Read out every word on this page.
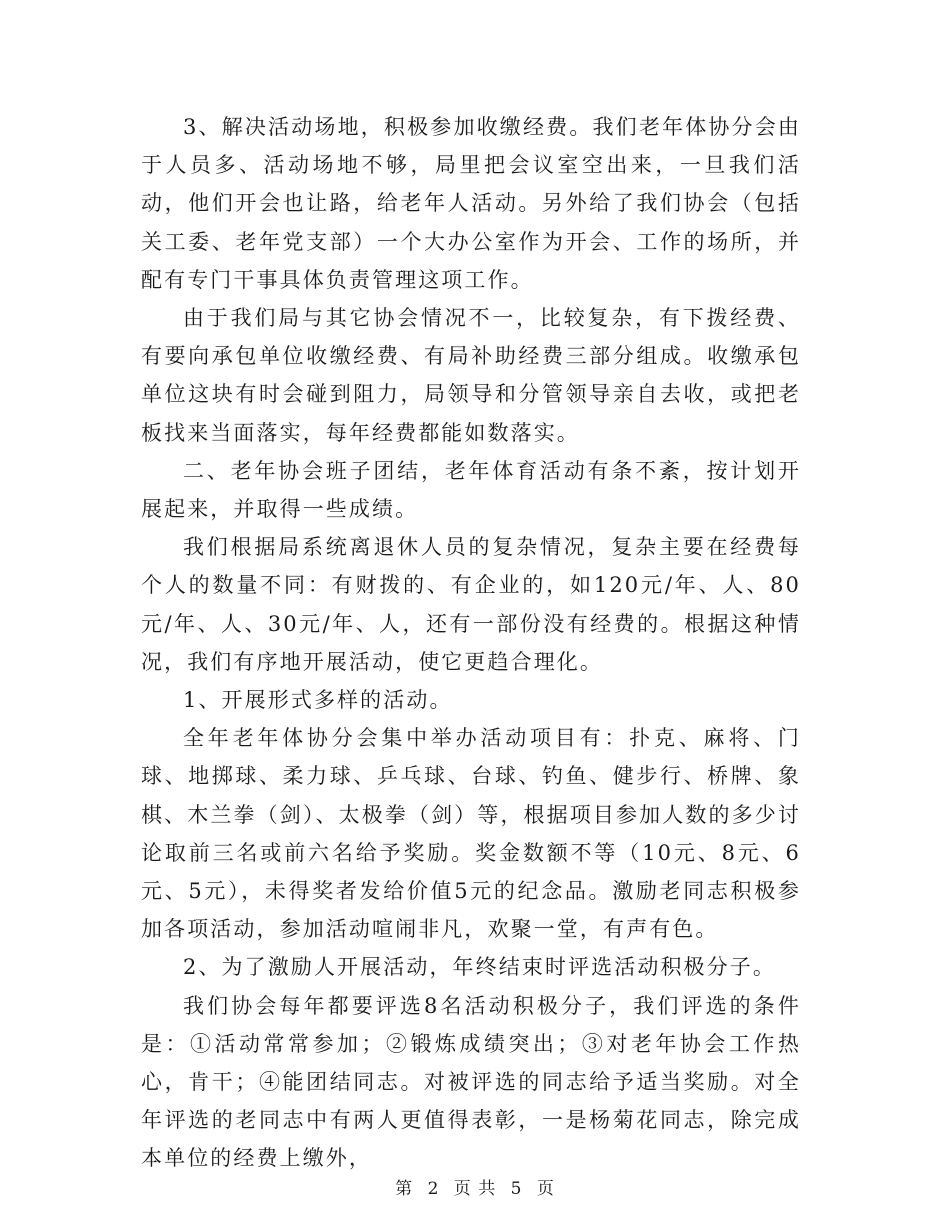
3、解决活动场地，积极参加收缴经费。我们老年体协分会由于人员多、活动场地不够，局里把会议室空出来，一旦我们活动，他们开会也让路，给老年人活动。另外给了我们协会（包括关工委、老年党支部）一个大办公室作为开会、工作的场所，并配有专门干事具体负责管理这项工作。

由于我们局与其它协会情况不一，比较复杂，有下拨经费、有要向承包单位收缴经费、有局补助经费三部分组成。收缴承包单位这块有时会碰到阻力，局领导和分管领导亲自去收，或把老板找来当面落实，每年经费都能如数落实。

二、老年协会班子团结，老年体育活动有条不紊，按计划开展起来，并取得一些成绩。

我们根据局系统离退休人员的复杂情况，复杂主要在经费每个人的数量不同：有财拨的、有企业的，如120元/年、人、80元/年、人、30元/年、人，还有一部份没有经费的。根据这种情况，我们有序地开展活动，使它更趋合理化。

1、开展形式多样的活动。

全年老年体协分会集中举办活动项目有：扑克、麻将、门球、地掷球、柔力球、乒乓球、台球、钓鱼、健步行、桥牌、象棋、木兰拳（剑）、太极拳（剑）等，根据项目参加人数的多少讨论取前三名或前六名给予奖励。奖金数额不等（10元、8元、6元、5元），未得奖者发给价值5元的纪念品。激励老同志积极参加各项活动，参加活动喧闹非凡，欢聚一堂，有声有色。

2、为了激励人开展活动，年终结束时评选活动积极分子。

我们协会每年都要评选8名活动积极分子，我们评选的条件是：①活动常常参加；②锻炼成绩突出；③对老年协会工作热心，肯干；④能团结同志。对被评选的同志给予适当奖励。对全年评选的老同志中有两人更值得表彰，一是杨菊花同志，除完成本单位的经费上缴外，

第 2 页 共 5 页
